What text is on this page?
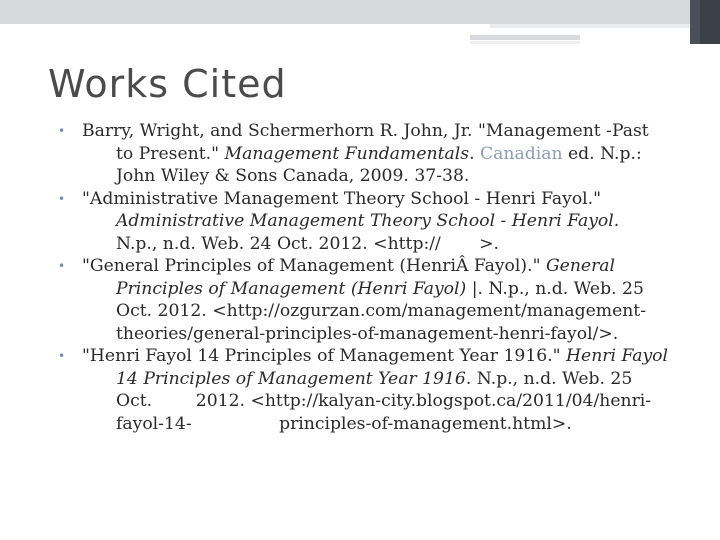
Works Cited
• Barry, Wright, and Schermerhorn R. John, Jr. "Management -Past
to Present." Management Fundamentals. Canadian ed. N.p.:
John Wiley & Sons Canada, 2009. 37-38.
• "Administrative Management Theory School - Henri Fayol."
Administrative Management Theory School - Henri Fayol.
N.p., n.d. Web. 24 Oct. 2012. <http://       >.
• "General Principles of Management (HenriÂ Fayol)." General
Principles of Management (Henri Fayol) |. N.p., n.d. Web. 25
Oct. 2012. <http://ozgurzan.com/management/management-
theories/general-principles-of-management-henri-fayol/>.
• "Henri Fayol 14 Principles of Management Year 1916." Henri Fayol
14 Principles of Management Year 1916. N.p., n.d. Web. 25
Oct.        2012. <http://kalyan-city.blogspot.ca/2011/04/henri-
fayol-14-                principles-of-management.html>.
